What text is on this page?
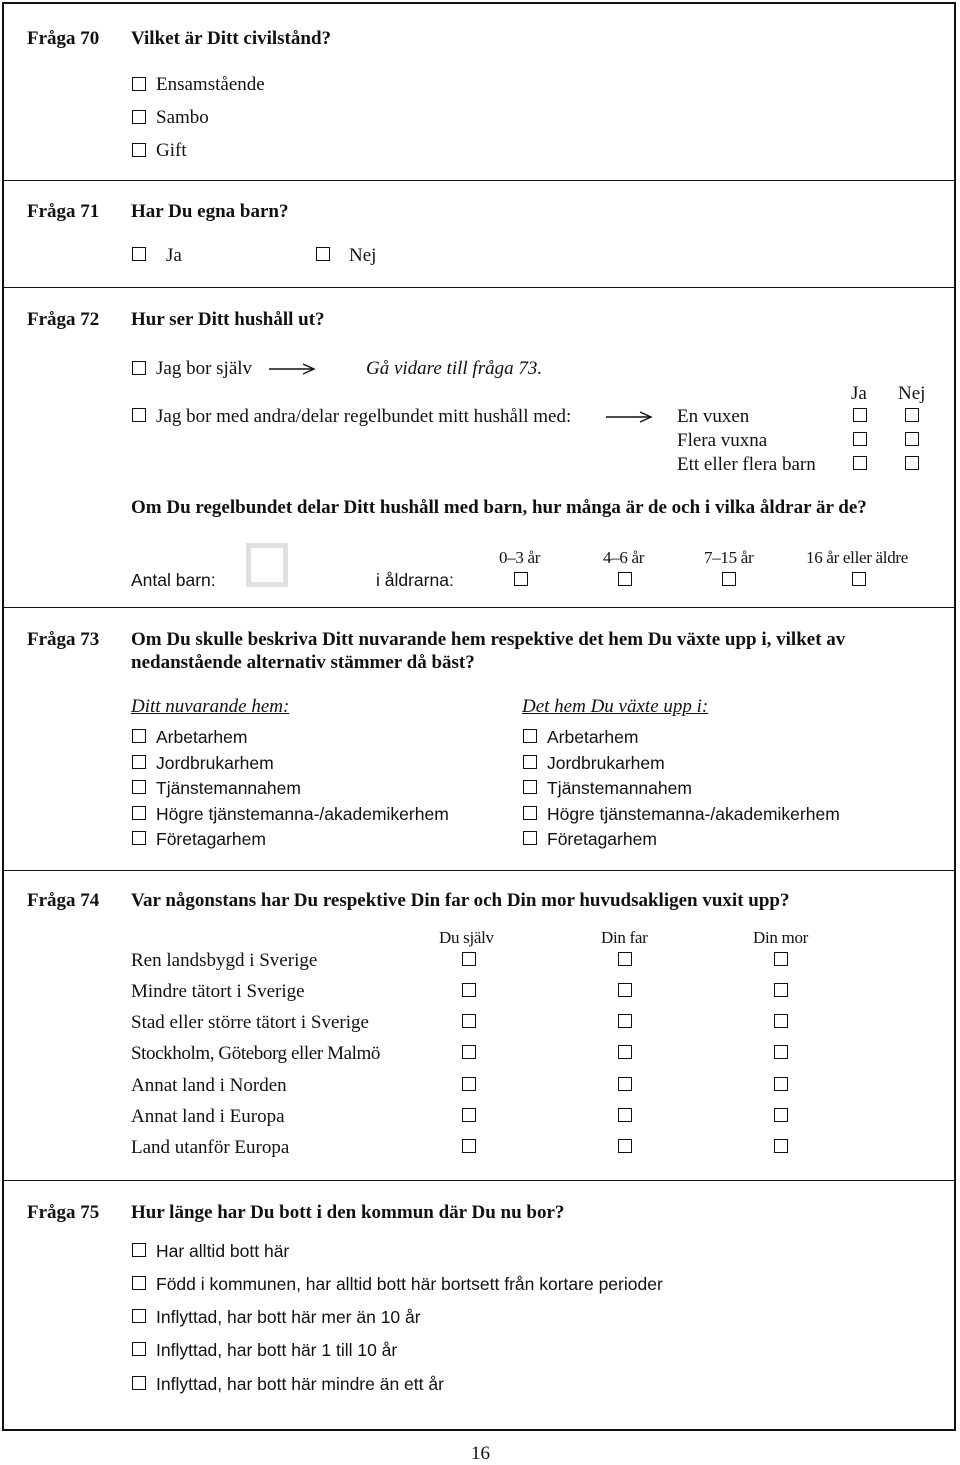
Fråga 70 Vilket är Ditt civilstånd?
Ensamstående
Sambo
Gift
Fråga 71 Har Du egna barn?
Ja	Nej
Fråga 72 Hur ser Ditt hushåll ut?
Jag bor själv	Gå vidare till fråga 73.
Ja Nej
Jag bor med andra/delar regelbundet mitt hushåll med:	En vuxen
Flera vuxna
Ett eller flera barn
Om Du regelbundet delar Ditt hushåll med barn, hur många är de och i vilka åldrar är de?
0–3 år	4–6 år	7–15 år	16 år eller äldre
Antal barn:	i åldrarna:
Fråga 73 Om Du skulle beskriva Ditt nuvarande hem respektive det hem Du växte upp i, vilket av
nedanstående alternativ stämmer då bäst?
Ditt nuvarande hem:	Det hem Du växte upp i:
Arbetarhem	Arbetarhem
Jordbrukarhem	Jordbrukarhem
Tjänstemannahem	Tjänstemannahem
Högre tjänstemanna-/akademikerhem	Högre tjänstemanna-/akademikerhem
Företagarhem	Företagarhem
Fråga 74 Var någonstans har Du respektive Din far och Din mor huvudsakligen vuxit upp?
Du själv	Din far	Din mor
Ren landsbygd i Sverige
Mindre tätort i Sverige
Stad eller större tätort i Sverige
Stockholm, Göteborg eller Malmö
Annat land i Norden
Annat land i Europa
Land utanför Europa
Fråga 75 Hur länge har Du bott i den kommun där Du nu bor?
Har alltid bott här
Född i kommunen, har alltid bott här bortsett från kortare perioder
Inflyttad, har bott här mer än 10 år
Inflyttad, har bott här 1 till 10 år
Inflyttad, har bott här mindre än ett år
16
